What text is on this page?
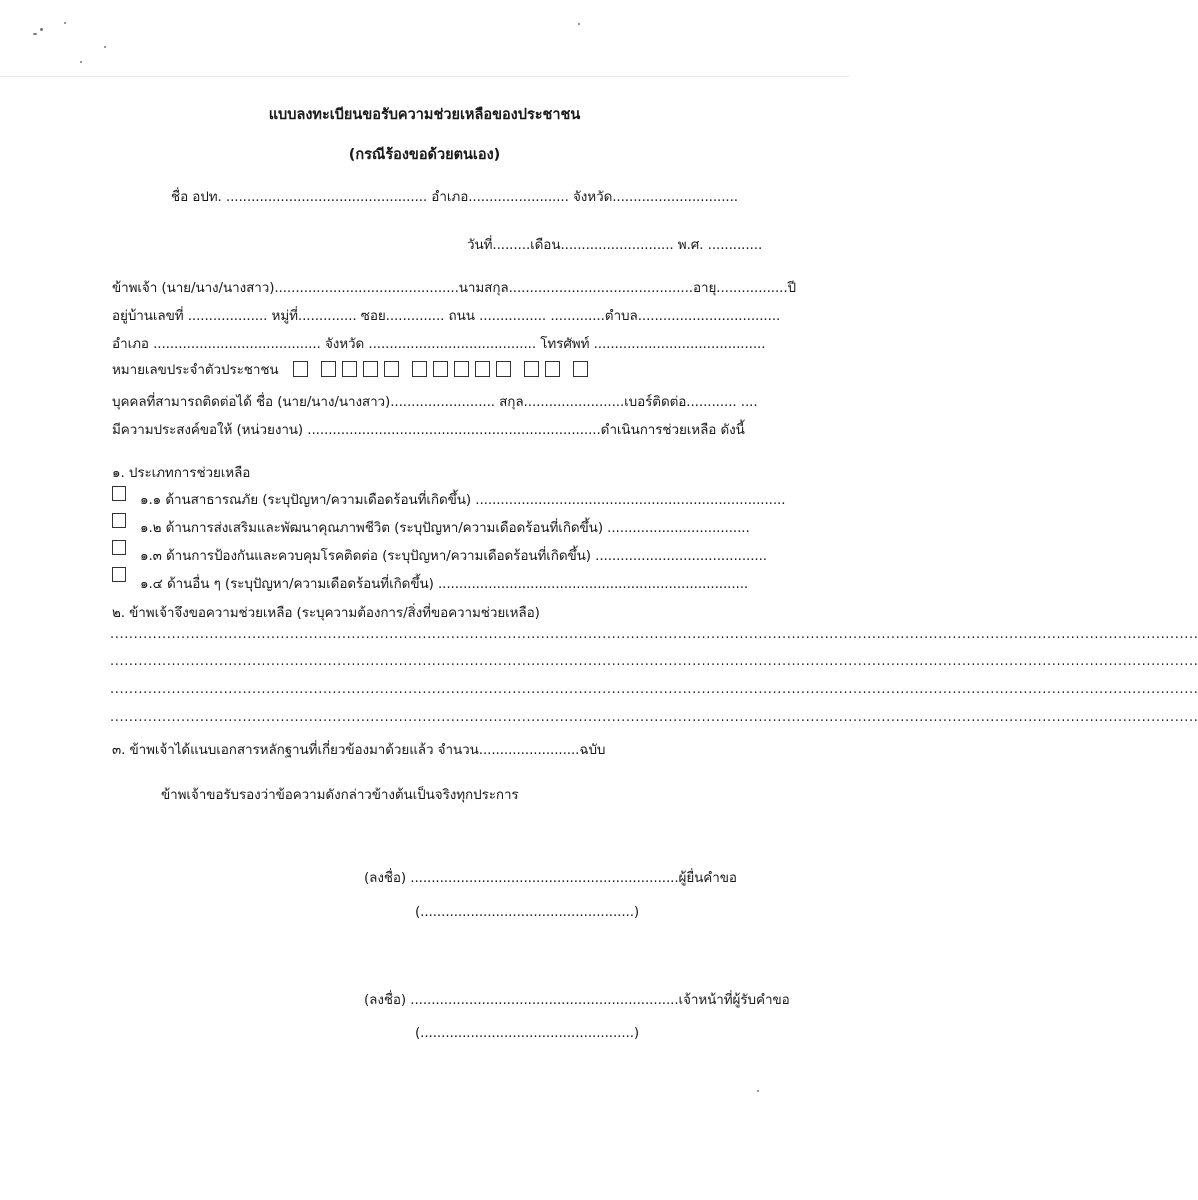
แบบลงทะเบียนขอรับความช่วยเหลือของประชาชน
(กรณีร้องขอด้วยตนเอง)
ชื่อ อปท. ................................................ อำเภอ........................ จังหวัด..............................
วันที่.........เดือน........................... พ.ศ. .............
ข้าพเจ้า (นาย/นาง/นางสาว)............................................นามสกุล............................................อายุ.................ปี
อยู่บ้านเลขที่ ................... หมู่ที่.............. ซอย.............. ถนน ................ .............ตำบล..................................
อำเภอ ........................................ จังหวัด ........................................ โทรศัพท์ .........................................
หมายเลขประจำตัวประชาชน
บุคคลที่สามารถติดต่อได้ ชื่อ (นาย/นาง/นางสาว)......................... สกุล........................เบอร์ติดต่อ............ ....
มีความประสงค์ขอให้ (หน่วยงาน) ......................................................................ดำเนินการช่วยเหลือ ดังนี้
๑. ประเภทการช่วยเหลือ
๑.๑ ด้านสาธารณภัย (ระบุปัญหา/ความเดือดร้อนที่เกิดขึ้น) ..........................................................................
๑.๒ ด้านการส่งเสริมและพัฒนาคุณภาพชีวิต (ระบุปัญหา/ความเดือดร้อนที่เกิดขึ้น) ..................................
๑.๓ ด้านการป้องกันและควบคุมโรคติดต่อ (ระบุปัญหา/ความเดือดร้อนที่เกิดขึ้น) .........................................
๑.๔ ด้านอื่น ๆ (ระบุปัญหา/ความเดือดร้อนที่เกิดขึ้น) ..........................................................................
๒. ข้าพเจ้าจึงขอความช่วยเหลือ (ระบุความต้องการ/สิ่งที่ขอความช่วยเหลือ)
......................................................................................................................................................................................................................................
......................................................................................................................................................................................................................................
......................................................................................................................................................................................................................................
......................................................................................................................................................................................................................................
๓. ข้าพเจ้าได้แนบเอกสารหลักฐานที่เกี่ยวข้องมาด้วยแล้ว จำนวน........................ฉบับ
ข้าพเจ้าขอรับรองว่าข้อความดังกล่าวข้างต้นเป็นจริงทุกประการ
(ลงชื่อ) ................................................................ผู้ยื่นคำขอ
(...................................................)
(ลงชื่อ) ................................................................เจ้าหน้าที่ผู้รับคำขอ
(...................................................)
